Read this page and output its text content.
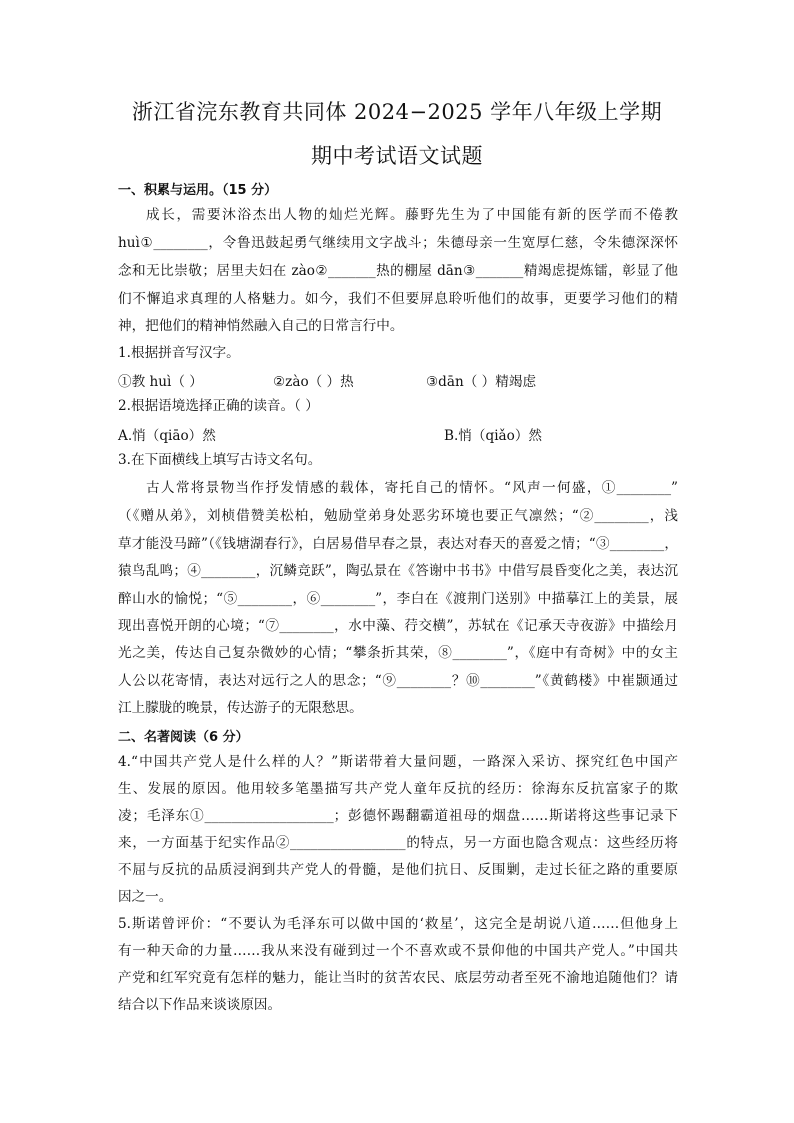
浙江省浣东教育共同体 2024−2025 学年八年级上学期
期中考试语文试题
一、积累与运用。（15 分）
成长，需要沐浴杰出人物的灿烂光辉。藤野先生为了中国能有新的医学而不倦教
huì①________，令鲁迅鼓起勇气继续用文字战斗；朱德母亲一生宽厚仁慈，令朱德深深怀
念和无比崇敬；居里夫妇在 zào②_______热的棚屋 dān③_______精竭虑提炼镭，彰显了他
们不懈追求真理的人格魅力。如今，我们不但要屏息聆听他们的故事，更要学习他们的精
神，把他们的精神悄然融入自己的日常言行中。
1.根据拼音写汉字。
①教 huì（ ）	②zào（ ）热	③dān（ ）精竭虑
2.根据语境选择正确的读音。（ ）
A.悄（qiāo）然	B.悄（qiǎo）然
3.在下面横线上填写古诗文名句。
古人常将景物当作抒发情感的载体，寄托自己的情怀。“风声一何盛，①________”
（《赠从弟》，刘桢借赞美松柏，勉励堂弟身处恶劣环境也要正气凛然；“②________，浅
草才能没马蹄”（《钱塘湖春行》，白居易借早春之景，表达对春天的喜爱之情；“③________，
猿鸟乱鸣；④________，沉鳞竞跃”，陶弘景在《答谢中书书》中借写晨昏变化之美，表达沉
醉山水的愉悦；“⑤________，⑥________”，李白在《渡荆门送别》中描摹江上的美景，展
现出喜悦开朗的心境；“⑦________，水中藻、荇交横”，苏轼在《记承天寺夜游》中描绘月
光之美，传达自己复杂微妙的心情；“攀条折其荣，⑧________”，《庭中有奇树》中的女主
人公以花寄情，表达对远行之人的思念；“⑨________？⑩________”《黄鹤楼》中崔颢通过
江上朦胧的晚景，传达游子的无限愁思。
二、名著阅读（6 分）
4.“中国共产党人是什么样的人？”斯诺带着大量问题，一路深入采访、探究红色中国产
生、发展的原因。他用较多笔墨描写共产党人童年反抗的经历：徐海东反抗富家子的欺
凌；毛泽东①___________________；彭德怀踢翻霸道祖母的烟盘……斯诺将这些事记录下
来，一方面基于纪实作品②_________________的特点，另一方面也隐含观点：这些经历将
不屈与反抗的品质浸润到共产党人的骨髓，是他们抗日、反围剿，走过长征之路的重要原
因之一。
5.斯诺曾评价：“不要认为毛泽东可以做中国的‘救星’，这完全是胡说八道……但他身上
有一种天命的力量……我从来没有碰到过一个不喜欢或不景仰他的中国共产党人。”中国共
产党和红军究竟有怎样的魅力，能让当时的贫苦农民、底层劳动者至死不渝地追随他们？请
结合以下作品来谈谈原因。
